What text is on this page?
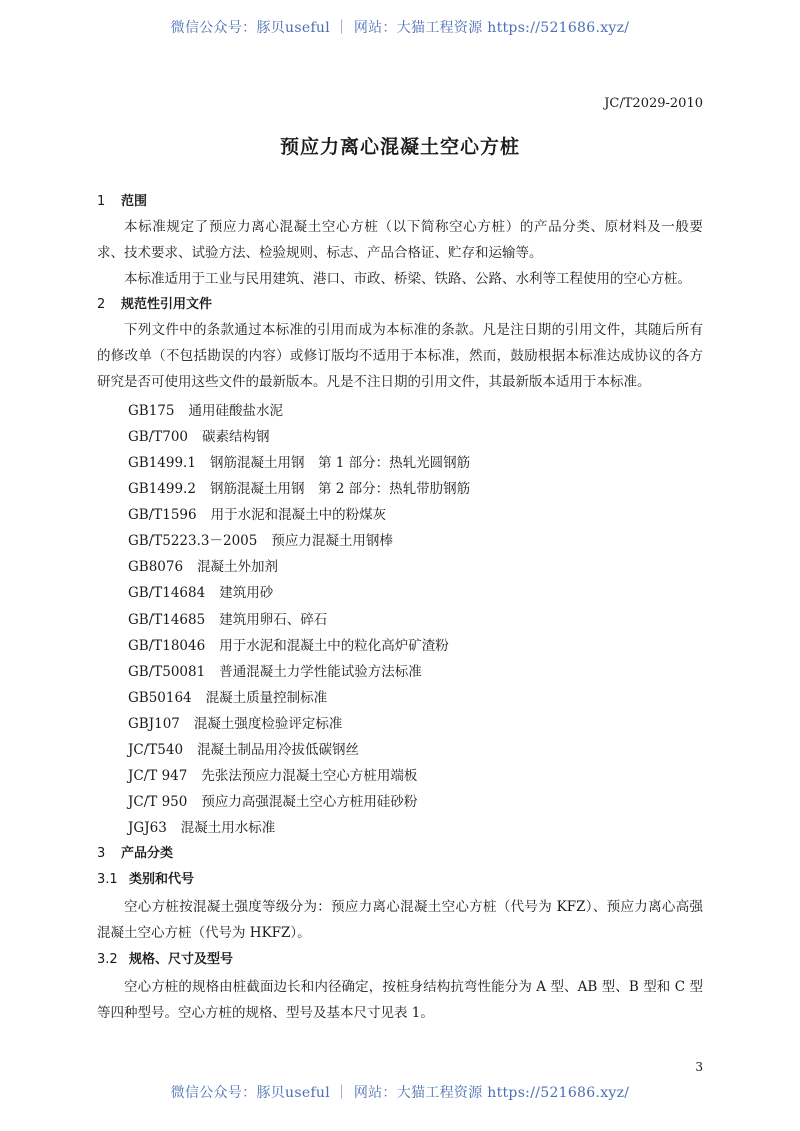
微信公众号：豚贝useful ｜ 网站：大猫工程资源 https://521686.xyz/
JC/T2029-2010
预应力离心混凝土空心方桩
1 范围

本标准规定了预应力离心混凝土空心方桩（以下简称空心方桩）的产品分类、原材料及一般要求、技术要求、试验方法、检验规则、标志、产品合格证、贮存和运输等。

本标准适用于工业与民用建筑、港口、市政、桥梁、铁路、公路、水利等工程使用的空心方桩。

2 规范性引用文件

下列文件中的条款通过本标准的引用而成为本标准的条款。凡是注日期的引用文件，其随后所有的修改单（不包括勘误的内容）或修订版均不适用于本标准，然而，鼓励根据本标准达成协议的各方研究是否可使用这些文件的最新版本。凡是不注日期的引用文件，其最新版本适用于本标准。

GB175 通用硅酸盐水泥
GB/T700 碳素结构钢
GB1499.1 钢筋混凝土用钢　第 1 部分：热轧光圆钢筋
GB1499.2 钢筋混凝土用钢　第 2 部分：热轧带肋钢筋
GB/T1596 用于水泥和混凝土中的粉煤灰
GB/T5223.3－2005 预应力混凝土用钢棒
GB8076 混凝土外加剂
GB/T14684 建筑用砂
GB/T14685 建筑用卵石、碎石
GB/T18046 用于水泥和混凝土中的粒化高炉矿渣粉
GB/T50081 普通混凝土力学性能试验方法标准
GB50164 混凝土质量控制标准
GBJ107 混凝土强度检验评定标准
JC/T540 混凝土制品用冷拔低碳钢丝
JC/T 947 先张法预应力混凝土空心方桩用端板
JC/T 950 预应力高强混凝土空心方桩用硅砂粉
JGJ63 混凝土用水标准
3 产品分类
3.1 类别和代号

空心方桩按混凝土强度等级分为：预应力离心混凝土空心方桩（代号为 KFZ）、预应力离心高强混凝土空心方桩（代号为 HKFZ）。

3.2 规格、尺寸及型号

空心方桩的规格由桩截面边长和内径确定，按桩身结构抗弯性能分为 A 型、AB 型、B 型和 C 型等四种型号。空心方桩的规格、型号及基本尺寸见表 1。

3
微信公众号：豚贝useful ｜ 网站：大猫工程资源 https://521686.xyz/
